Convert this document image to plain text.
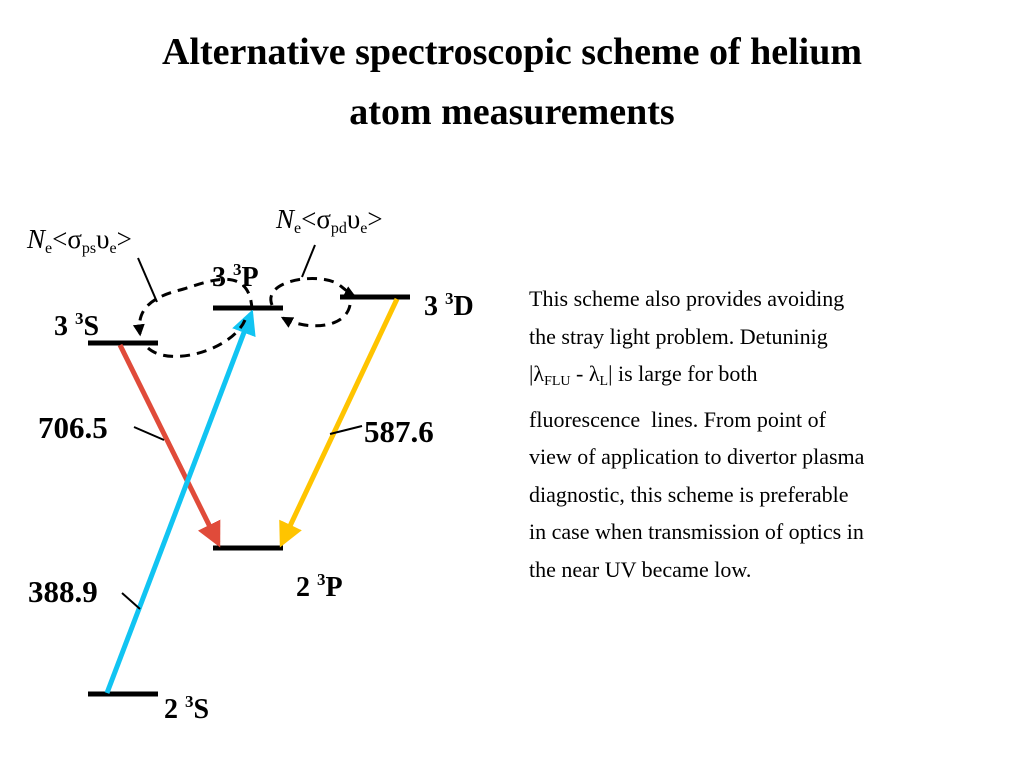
Alternative spectroscopic scheme of helium
atom measurements
3 $^3$S
3 $^3$P
3 $^3$D
2 $^3$P
2 $^3$S
706.5	587.6
388.9
$N_e<\sigma_{ps}\upsilon_e>$
$N_e<\sigma_{pd}\upsilon_e>$
This scheme also provides avoiding
the stray light problem. Detuninig
$|\lambda_{FLU} - \lambda_L|$ is large for both
fluorescence  lines. From point of
view of application to divertor plasma
diagnostic, this scheme is preferable
in case when transmission of optics in
the near UV became low.
